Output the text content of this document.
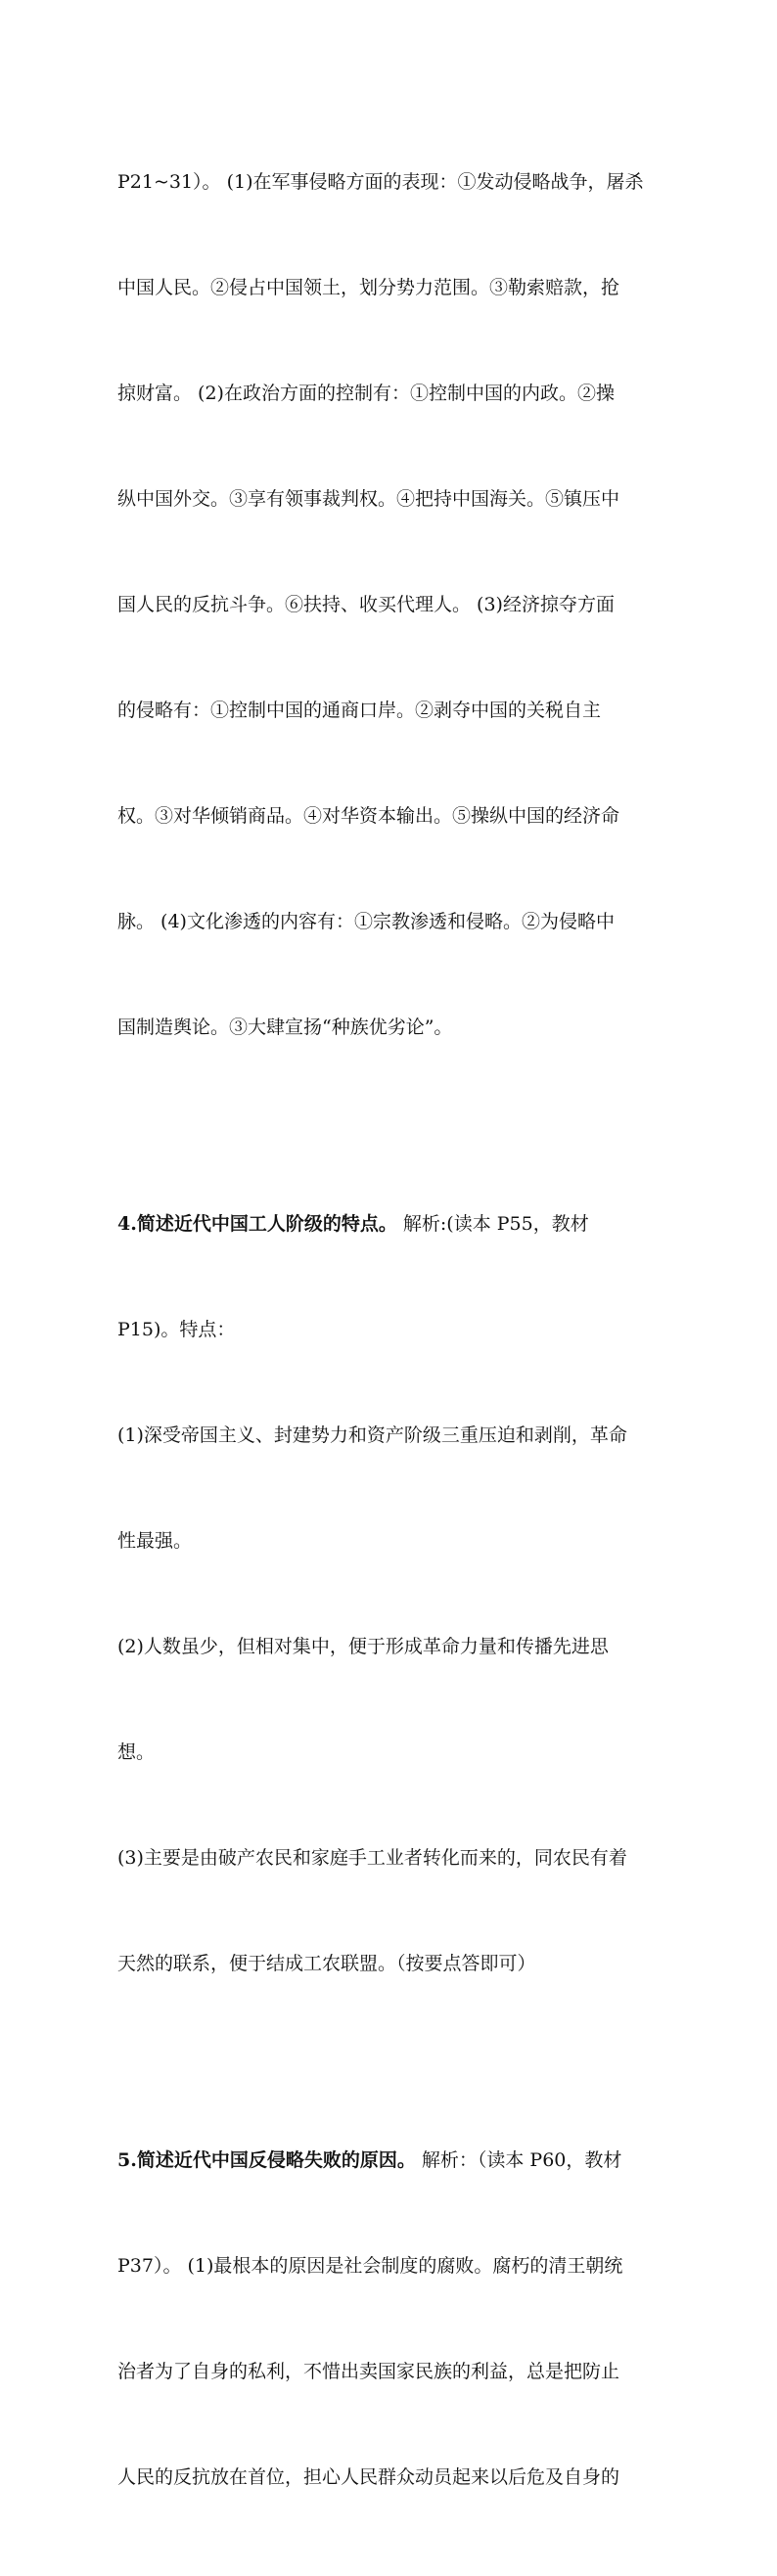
P21~31）。 (1)在军事侵略方面的表现：①发动侵略战争，屠杀

中国人民。②侵占中国领土，划分势力范围。③勒索赔款，抢

掠财富。 (2)在政治方面的控制有：①控制中国的内政。②操

纵中国外交。③享有领事裁判权。④把持中国海关。⑤镇压中

国人民的反抗斗争。⑥扶持、收买代理人。 (3)经济掠夺方面

的侵略有：①控制中国的通商口岸。②剥夺中国的关税自主

权。③对华倾销商品。④对华资本输出。⑤操纵中国的经济命

脉。 (4)文化渗透的内容有：①宗教渗透和侵略。②为侵略中

国制造舆论。③大肆宣扬“种族优劣论”。

4.简述近代中国工人阶级的特点。 解析:(读本 P55，教材

P15)。特点：

(1)深受帝国主义、封建势力和资产阶级三重压迫和剥削，革命

性最强。

(2)人数虽少，但相对集中，便于形成革命力量和传播先进思

想。

(3)主要是由破产农民和家庭手工业者转化而来的，同农民有着

天然的联系，便于结成工农联盟。（按要点答即可）

5.简述近代中国反侵略失败的原因。 解析：（读本 P60，教材

P37）。 (1)最根本的原因是社会制度的腐败。腐朽的清王朝统

治者为了自身的私利，不惜出卖国家民族的利益，总是把防止

人民的反抗放在首位，担心人民群众动员起来以后危及自身的
